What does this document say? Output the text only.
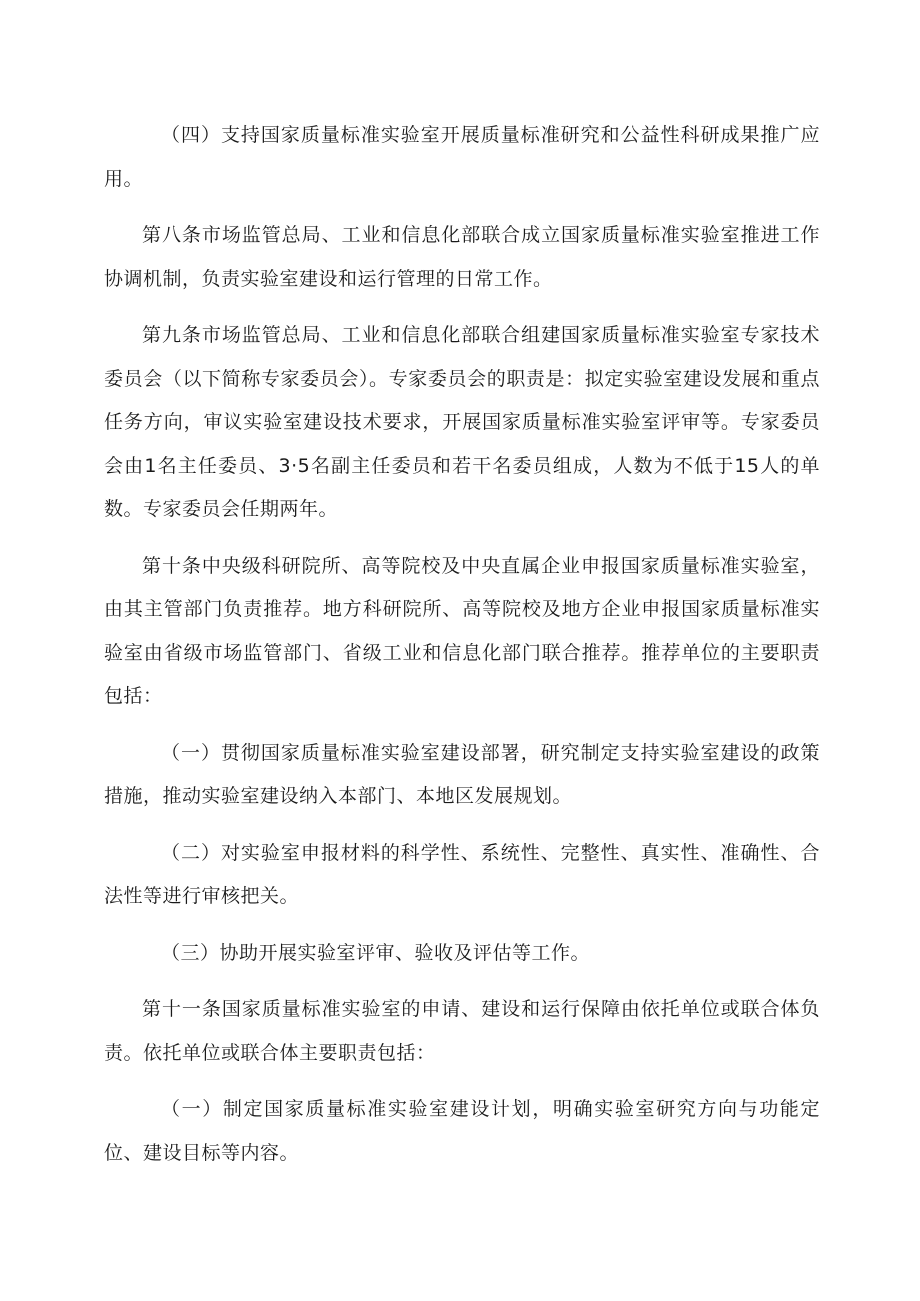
（四）支持国家质量标准实验室开展质量标准研究和公益性科研成果推广应用。

第八条市场监管总局、工业和信息化部联合成立国家质量标准实验室推进工作协调机制，负责实验室建设和运行管理的日常工作。

第九条市场监管总局、工业和信息化部联合组建国家质量标准实验室专家技术委员会（以下简称专家委员会）。专家委员会的职责是：拟定实验室建设发展和重点任务方向，审议实验室建设技术要求，开展国家质量标准实验室评审等。专家委员会由1名主任委员、3·5名副主任委员和若干名委员组成，人数为不低于15人的单数。专家委员会任期两年。

第十条中央级科研院所、高等院校及中央直属企业申报国家质量标准实验室，由其主管部门负责推荐。地方科研院所、高等院校及地方企业申报国家质量标准实验室由省级市场监管部门、省级工业和信息化部门联合推荐。推荐单位的主要职责包括：

（一）贯彻国家质量标准实验室建设部署，研究制定支持实验室建设的政策措施，推动实验室建设纳入本部门、本地区发展规划。

（二）对实验室申报材料的科学性、系统性、完整性、真实性、准确性、合法性等进行审核把关。

（三）协助开展实验室评审、验收及评估等工作。

第十一条国家质量标准实验室的申请、建设和运行保障由依托单位或联合体负责。依托单位或联合体主要职责包括：

（一）制定国家质量标准实验室建设计划，明确实验室研究方向与功能定位、建设目标等内容。
